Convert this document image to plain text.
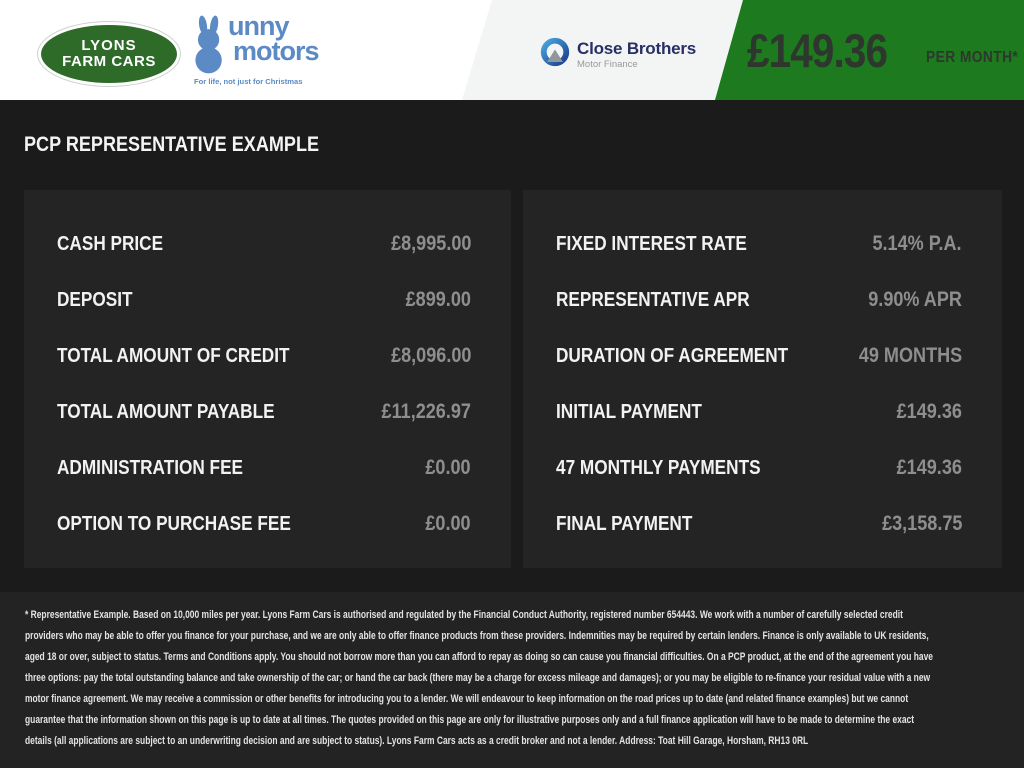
LYONS
FARM CARS
unny
motors
For life, not just for Christmas
Close Brothers
Motor Finance	£149.36	PER MONTH*
PCP REPRESENTATIVE EXAMPLE
CASH PRICE	£8,995.00
DEPOSIT	£899.00
TOTAL AMOUNT OF CREDIT	£8,096.00
TOTAL AMOUNT PAYABLE	£11,226.97
ADMINISTRATION FEE	£0.00
OPTION TO PURCHASE FEE	£0.00
FIXED INTEREST RATE	5.14% P.A.
REPRESENTATIVE APR	9.90% APR
DURATION OF AGREEMENT	49 MONTHS
INITIAL PAYMENT	£149.36
47 MONTHLY PAYMENTS	£149.36
FINAL PAYMENT	£3,158.75
* Representative Example. Based on 10,000 miles per year. Lyons Farm Cars is authorised and regulated by the Financial Conduct Authority, registered number 654443. We work with a number of carefully selected credit providers who may be able to offer you finance for your purchase, and we are only able to offer finance products from these providers. Indemnities may be required by certain lenders. Finance is only available to UK residents, aged 18 or over, subject to status. Terms and Conditions apply. You should not borrow more than you can afford to repay as doing so can cause you financial difficulties. On a PCP product, at the end of the agreement you have three options: pay the total outstanding balance and take ownership of the car; or hand the car back (there may be a charge for excess mileage and damages); or you may be eligible to re-finance your residual value with a new motor finance agreement. We may receive a commission or other benefits for introducing you to a lender. We will endeavour to keep information on the road prices up to date (and related finance examples) but we cannot guarantee that the information shown on this page is up to date at all times. The quotes provided on this page are only for illustrative purposes only and a full finance application will have to be made to determine the exact details (all applications are subject to an underwriting decision and are subject to status). Lyons Farm Cars acts as a credit broker and not a lender. Address: Toat Hill Garage, Horsham, RH13 0RL
